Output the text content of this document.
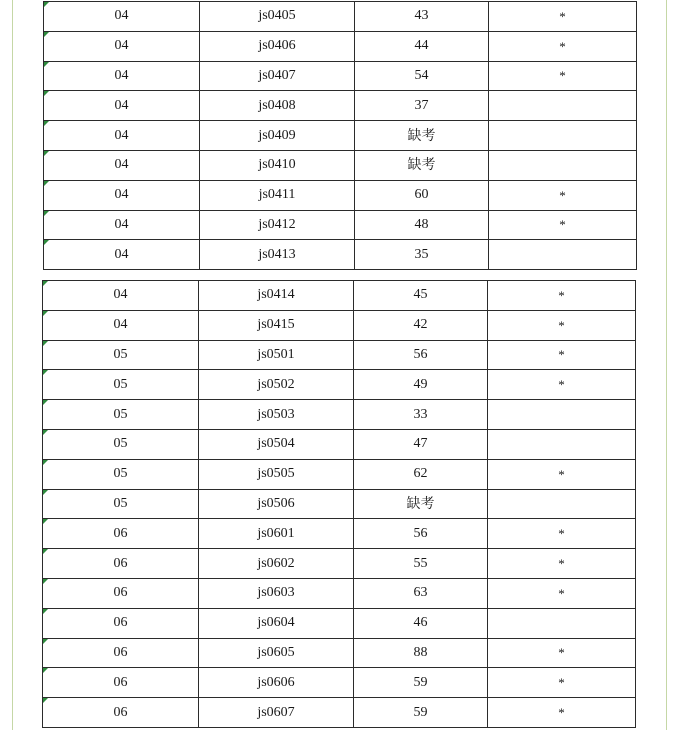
04	js0405	43	*
04	js0406	44	*
04	js0407	54	*
04	js0408	37	
04	js0409	缺考	
04	js0410	缺考	
04	js0411	60	*
04	js0412	48	*
04	js0413	35	
04	js0414	45	*
04	js0415	42	*
05	js0501	56	*
05	js0502	49	*
05	js0503	33	
05	js0504	47	
05	js0505	62	*
05	js0506	缺考	
06	js0601	56	*
06	js0602	55	*
06	js0603	63	*
06	js0604	46	
06	js0605	88	*
06	js0606	59	*
06	js0607	59	*
